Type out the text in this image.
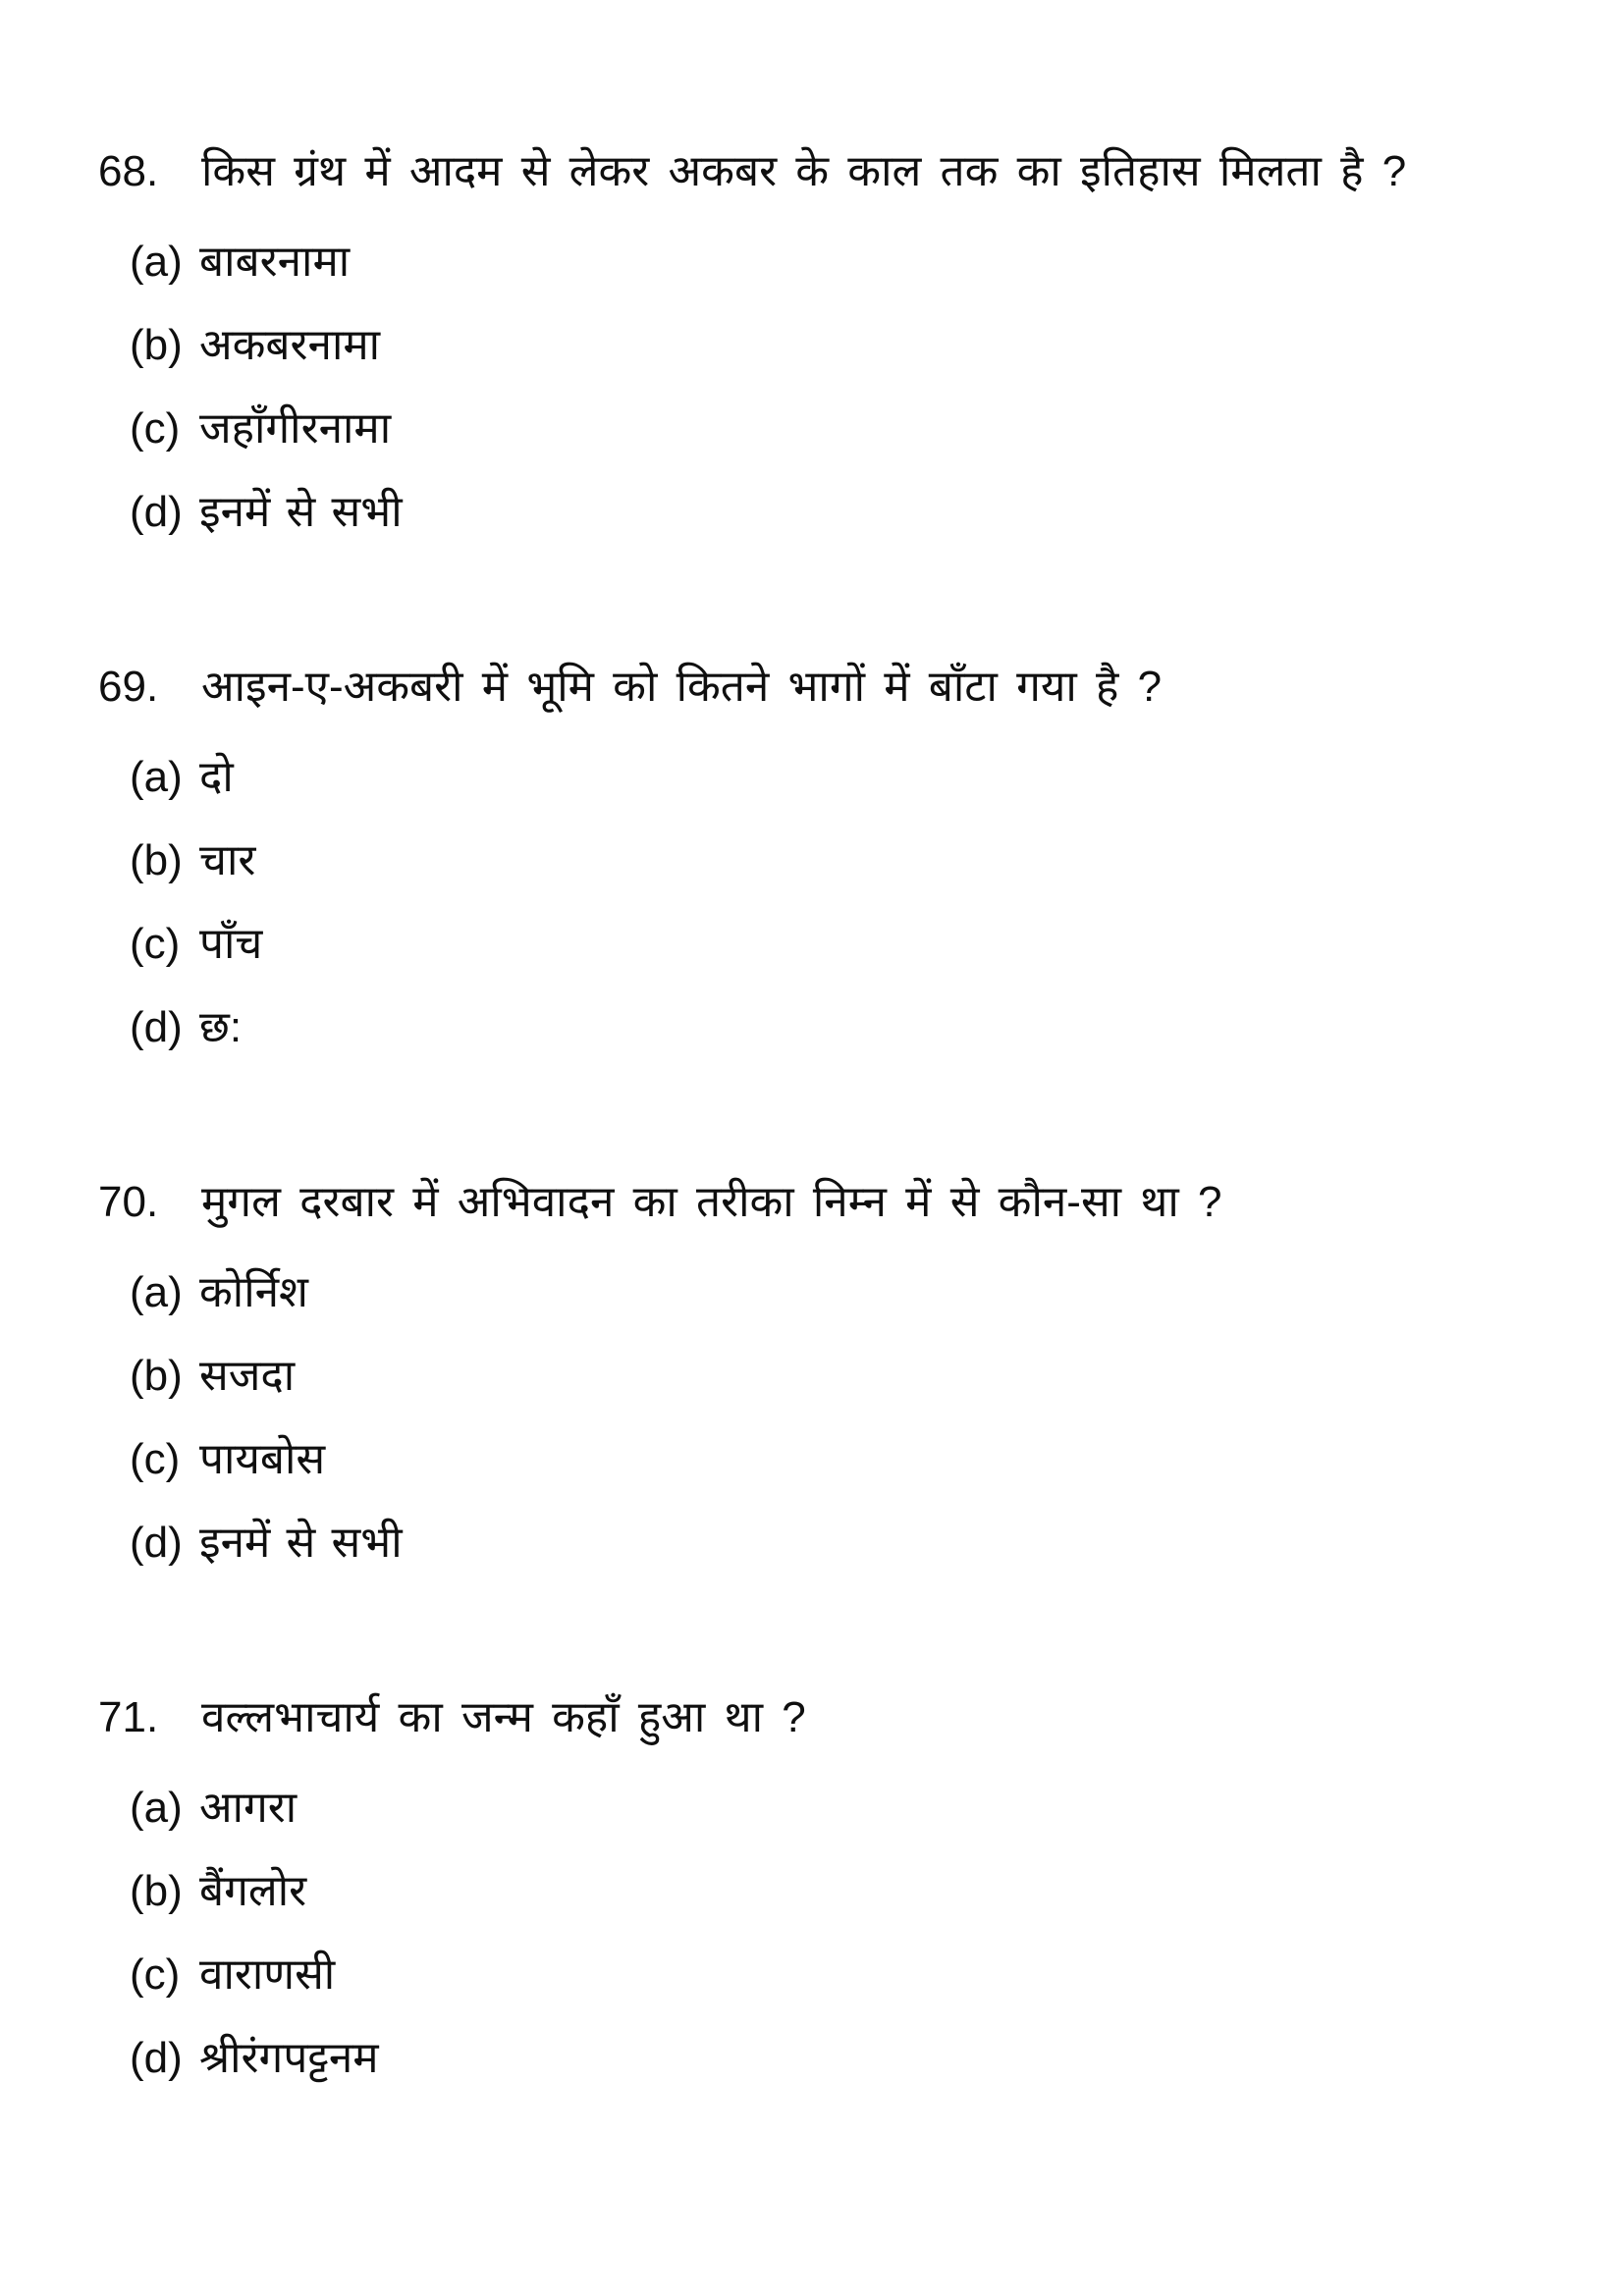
68. किस ग्रंथ में आदम से लेकर अकबर के काल तक का इतिहास मिलता है ?
(a) बाबरनामा
(b) अकबरनामा
(c) जहाँगीरनामा
(d) इनमें से सभी
69. आइन-ए-अकबरी में भूमि को कितने भागों में बाँटा गया है ?
(a) दो
(b) चार
(c) पाँच
(d) छ:
70. मुगल दरबार में अभिवादन का तरीका निम्न में से कौन-सा था ?
(a) कोर्निश
(b) सजदा
(c) पायबोस
(d) इनमें से सभी
71. वल्लभाचार्य का जन्म कहाँ हुआ था ?
(a) आगरा
(b) बैंगलोर
(c) वाराणसी
(d) श्रीरंगपट्टनम
